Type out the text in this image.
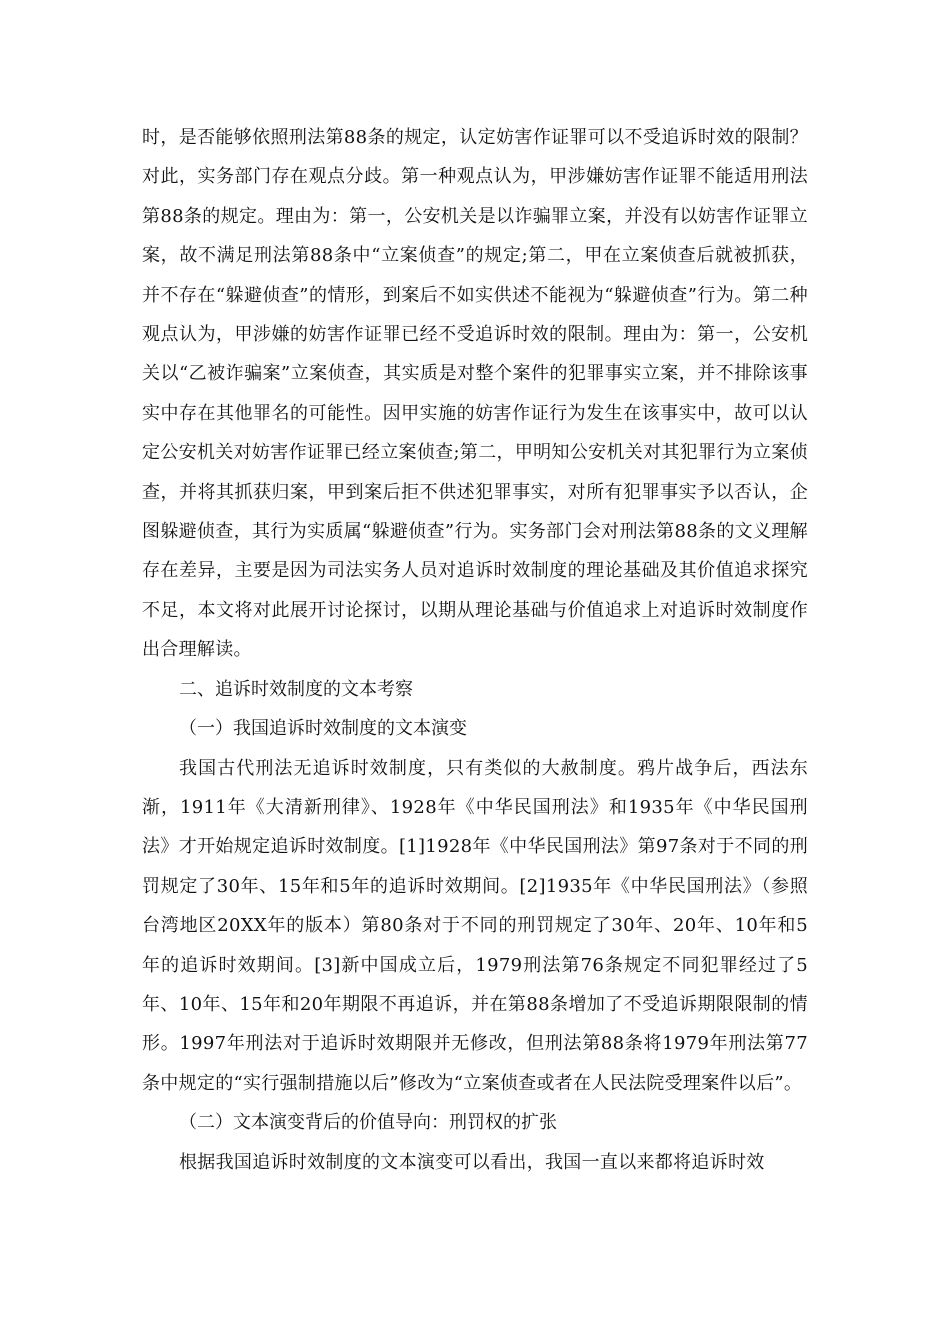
时，是否能够依照刑法第88条的规定，认定妨害作证罪可以不受追诉时效的限制？对此，实务部门存在观点分歧。第一种观点认为，甲涉嫌妨害作证罪不能适用刑法第88条的规定。理由为：第一，公安机关是以诈骗罪立案，并没有以妨害作证罪立案，故不满足刑法第88条中“立案侦查”的规定;第二，甲在立案侦查后就被抓获，并不存在“躲避侦查”的情形，到案后不如实供述不能视为“躲避侦查”行为。第二种观点认为，甲涉嫌的妨害作证罪已经不受追诉时效的限制。理由为：第一，公安机关以“乙被诈骗案”立案侦查，其实质是对整个案件的犯罪事实立案，并不排除该事实中存在其他罪名的可能性。因甲实施的妨害作证行为发生在该事实中，故可以认定公安机关对妨害作证罪已经立案侦查;第二，甲明知公安机关对其犯罪行为立案侦查，并将其抓获归案，甲到案后拒不供述犯罪事实，对所有犯罪事实予以否认，企图躲避侦查，其行为实质属“躲避侦查”行为。实务部门会对刑法第88条的文义理解存在差异，主要是因为司法实务人员对追诉时效制度的理论基础及其价值追求探究不足，本文将对此展开讨论探讨，以期从理论基础与价值追求上对追诉时效制度作出合理解读。

二、追诉时效制度的文本考察

（一）我国追诉时效制度的文本演变

我国古代刑法无追诉时效制度，只有类似的大赦制度。鸦片战争后，西法东渐，1911年《大清新刑律》、1928年《中华民国刑法》和1935年《中华民国刑法》才开始规定追诉时效制度。[1]1928年《中华民国刑法》第97条对于不同的刑罚规定了30年、15年和5年的追诉时效期间。[2]1935年《中华民国刑法》（参照台湾地区20XX年的版本）第80条对于不同的刑罚规定了30年、20年、10年和5年的追诉时效期间。[3]新中国成立后，1979刑法第76条规定不同犯罪经过了5年、10年、15年和20年期限不再追诉，并在第88条增加了不受追诉期限限制的情形。1997年刑法对于追诉时效期限并无修改，但刑法第88条将1979年刑法第77条中规定的“实行强制措施以后”修改为“立案侦查或者在人民法院受理案件以后”。

（二）文本演变背后的价值导向：刑罚权的扩张

根据我国追诉时效制度的文本演变可以看出，我国一直以来都将追诉时效
